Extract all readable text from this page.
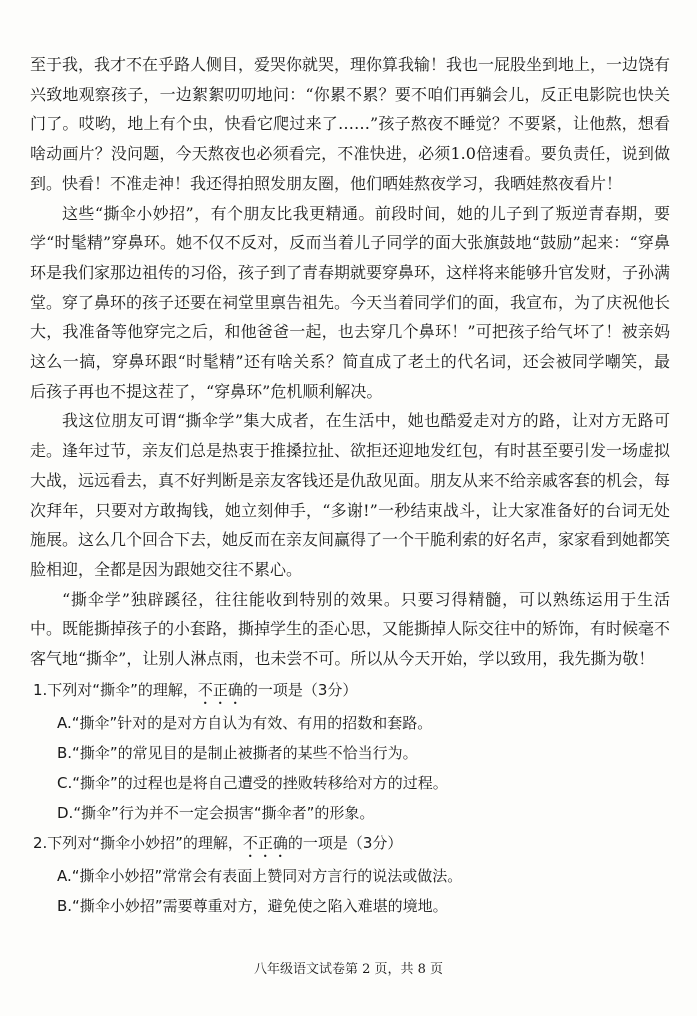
至于我，我才不在乎路人侧目，爱哭你就哭，理你算我输！我也一屁股坐到地上，一边饶有兴致地观察孩子，一边絮絮叨叨地问：“你累不累？要不咱们再躺会儿，反正电影院也快关门了。哎哟，地上有个虫，快看它爬过来了……”孩子熬夜不睡觉？不要紧，让他熬，想看啥动画片？没问题，今天熬夜也必须看完，不准快进，必须1.0倍速看。要负责任，说到做到。快看！不准走神！我还得拍照发朋友圈，他们晒娃熬夜学习，我晒娃熬夜看片！

这些“撕伞小妙招”，有个朋友比我更精通。前段时间，她的儿子到了叛逆青春期，要学“时髦精”穿鼻环。她不仅不反对，反而当着儿子同学的面大张旗鼓地“鼓励”起来：“穿鼻环是我们家那边祖传的习俗，孩子到了青春期就要穿鼻环，这样将来能够升官发财，子孙满堂。穿了鼻环的孩子还要在祠堂里禀告祖先。今天当着同学们的面，我宣布，为了庆祝他长大，我准备等他穿完之后，和他爸爸一起，也去穿几个鼻环！”可把孩子给气坏了！被亲妈这么一搞，穿鼻环跟“时髦精”还有啥关系？简直成了老土的代名词，还会被同学嘲笑，最后孩子再也不提这茬了，“穿鼻环”危机顺利解决。

我这位朋友可谓“撕伞学”集大成者，在生活中，她也酷爱走对方的路，让对方无路可走。逢年过节，亲友们总是热衷于推搡拉扯、欲拒还迎地发红包，有时甚至要引发一场虚拟大战，远远看去，真不好判断是亲友客钱还是仇敌见面。朋友从来不给亲戚客套的机会，每次拜年，只要对方敢掏钱，她立刻伸手，“多谢!”一秒结束战斗，让大家准备好的台词无处施展。这么几个回合下去，她反而在亲友间赢得了一个干脆利索的好名声，家家看到她都笑脸相迎，全都是因为跟她交往不累心。

“撕伞学”独辟蹊径，往往能收到特别的效果。只要习得精髓，可以熟练运用于生活中。既能撕掉孩子的小套路，撕掉学生的歪心思，又能撕掉人际交往中的矫饰，有时候毫不客气地“撕伞”，让别人淋点雨，也未尝不可。所以从今天开始，学以致用，我先撕为敬！

1.下列对“撕伞”的理解，不正确的一项是（3分）

A.“撕伞”针对的是对方自认为有效、有用的招数和套路。

B.“撕伞”的常见目的是制止被撕者的某些不恰当行为。

C.“撕伞”的过程也是将自己遭受的挫败转移给对方的过程。

D.“撕伞”行为并不一定会损害“撕伞者”的形象。

2.下列对“撕伞小妙招”的理解，不正确的一项是（3分）

A.“撕伞小妙招”常常会有表面上赞同对方言行的说法或做法。

B.“撕伞小妙招”需要尊重对方，避免使之陷入难堪的境地。

八年级语文试卷第 2 页，共 8 页
